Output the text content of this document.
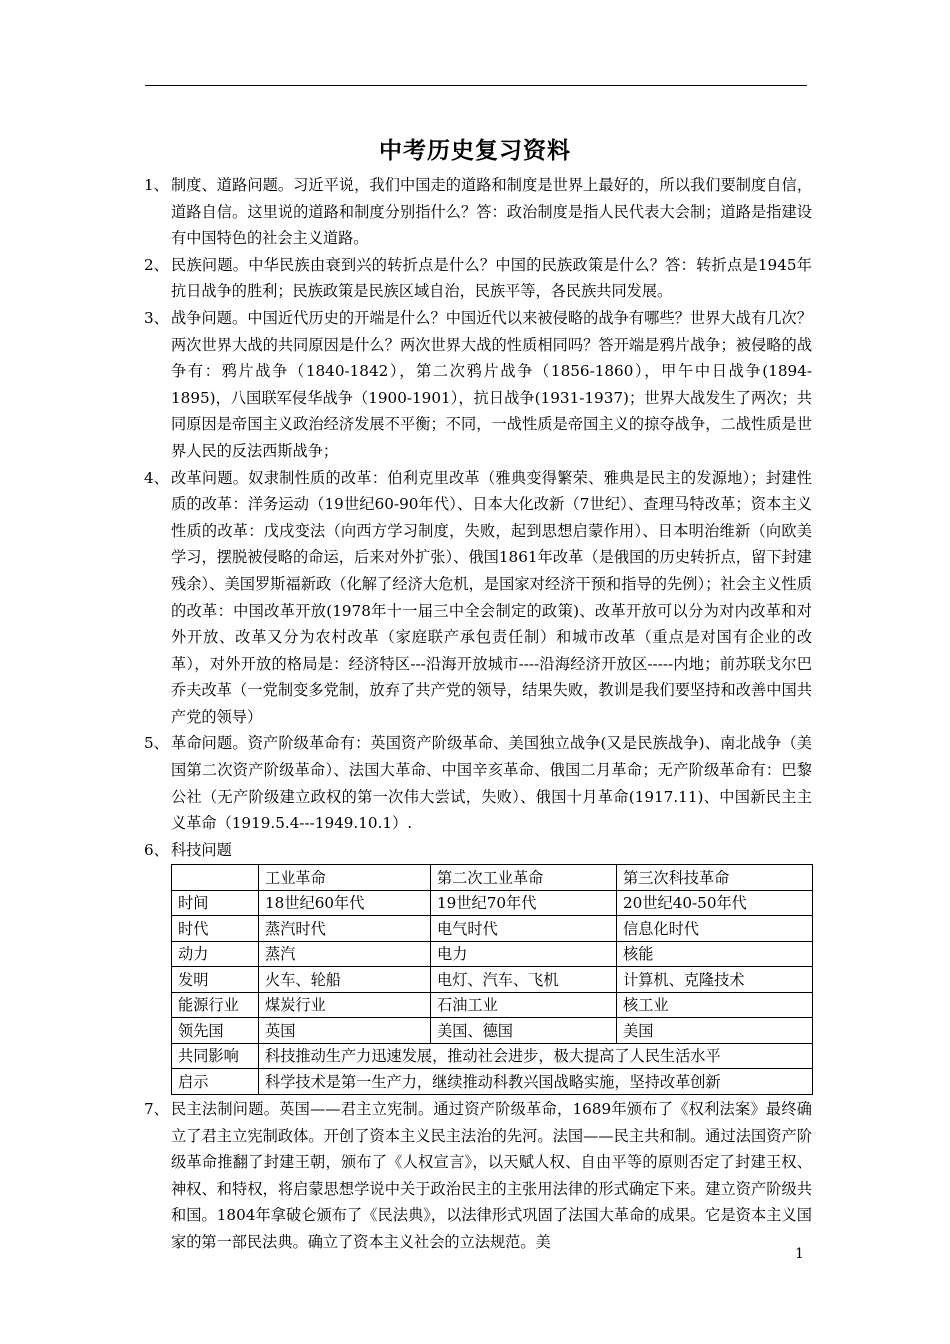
中考历史复习资料
1、 制度、道路问题。习近平说，我们中国走的道路和制度是世界上最好的，所以我们要制度自信，道路自信。这里说的道路和制度分别指什么？答：政治制度是指人民代表大会制；道路是指建设有中国特色的社会主义道路。
2、 民族问题。中华民族由衰到兴的转折点是什么？中国的民族政策是什么？答：转折点是1945年抗日战争的胜利；民族政策是民族区域自治，民族平等，各民族共同发展。
3、 战争问题。中国近代历史的开端是什么？中国近代以来被侵略的战争有哪些？世界大战有几次？两次世界大战的共同原因是什么？两次世界大战的性质相同吗？答开端是鸦片战争；被侵略的战争有：鸦片战争（1840-1842），第二次鸦片战争（1856-1860），甲午中日战争(1894-1895)，八国联军侵华战争（1900-1901），抗日战争(1931-1937)；世界大战发生了两次；共同原因是帝国主义政治经济发展不平衡；不同，一战性质是帝国主义的掠夺战争，二战性质是世界人民的反法西斯战争；
4、 改革问题。奴隶制性质的改革：伯利克里改革（雅典变得繁荣、雅典是民主的发源地）；封建性质的改革：洋务运动（19世纪60-90年代）、日本大化改新（7世纪）、查理马特改革；资本主义性质的改革：戊戌变法（向西方学习制度，失败，起到思想启蒙作用）、日本明治维新（向欧美学习，摆脱被侵略的命运，后来对外扩张）、俄国1861年改革（是俄国的历史转折点，留下封建残余）、美国罗斯福新政（化解了经济大危机，是国家对经济干预和指导的先例）；社会主义性质的改革：中国改革开放(1978年十一届三中全会制定的政策)、改革开放可以分为对内改革和对外开放、改革又分为农村改革（家庭联产承包责任制）和城市改革（重点是对国有企业的改革），对外开放的格局是：经济特区---沿海开放城市----沿海经济开放区-----内地；前苏联戈尔巴乔夫改革（一党制变多党制，放弃了共产党的领导，结果失败，教训是我们要坚持和改善中国共产党的领导）
5、 革命问题。资产阶级革命有：英国资产阶级革命、美国独立战争(又是民族战争)、南北战争（美国第二次资产阶级革命）、法国大革命、中国辛亥革命、俄国二月革命；无产阶级革命有：巴黎公社（无产阶级建立政权的第一次伟大尝试，失败）、俄国十月革命(1917.11)、中国新民主主义革命（1919.5.4---1949.10.1）.
6、 科技问题
	工业革命	第二次工业革命	第三次科技革命
时间	18世纪60年代	19世纪70年代	20世纪40-50年代
时代	蒸汽时代	电气时代	信息化时代
动力	蒸汽	电力	核能
发明	火车、轮船	电灯、汽车、飞机	计算机、克隆技术
能源行业	煤炭行业	石油工业	核工业
领先国	英国	美国、德国	美国
共同影响	科技推动生产力迅速发展，推动社会进步，极大提高了人民生活水平		
启示	科学技术是第一生产力，继续推动科教兴国战略实施，坚持改革创新		
7、 民主法制问题。英国——君主立宪制。通过资产阶级革命，1689年颁布了《权利法案》最终确立了君主立宪制政体。开创了资本主义民主法治的先河。法国——民主共和制。通过法国资产阶级革命推翻了封建王朝，颁布了《人权宣言》，以天赋人权、自由平等的原则否定了封建王权、神权、和特权，将启蒙思想学说中关于政治民主的主张用法律的形式确定下来。建立资产阶级共和国。1804年拿破仑颁布了《民法典》，以法律形式巩固了法国大革命的成果。它是资本主义国家的第一部民法典。确立了资本主义社会的立法规范。美
1
